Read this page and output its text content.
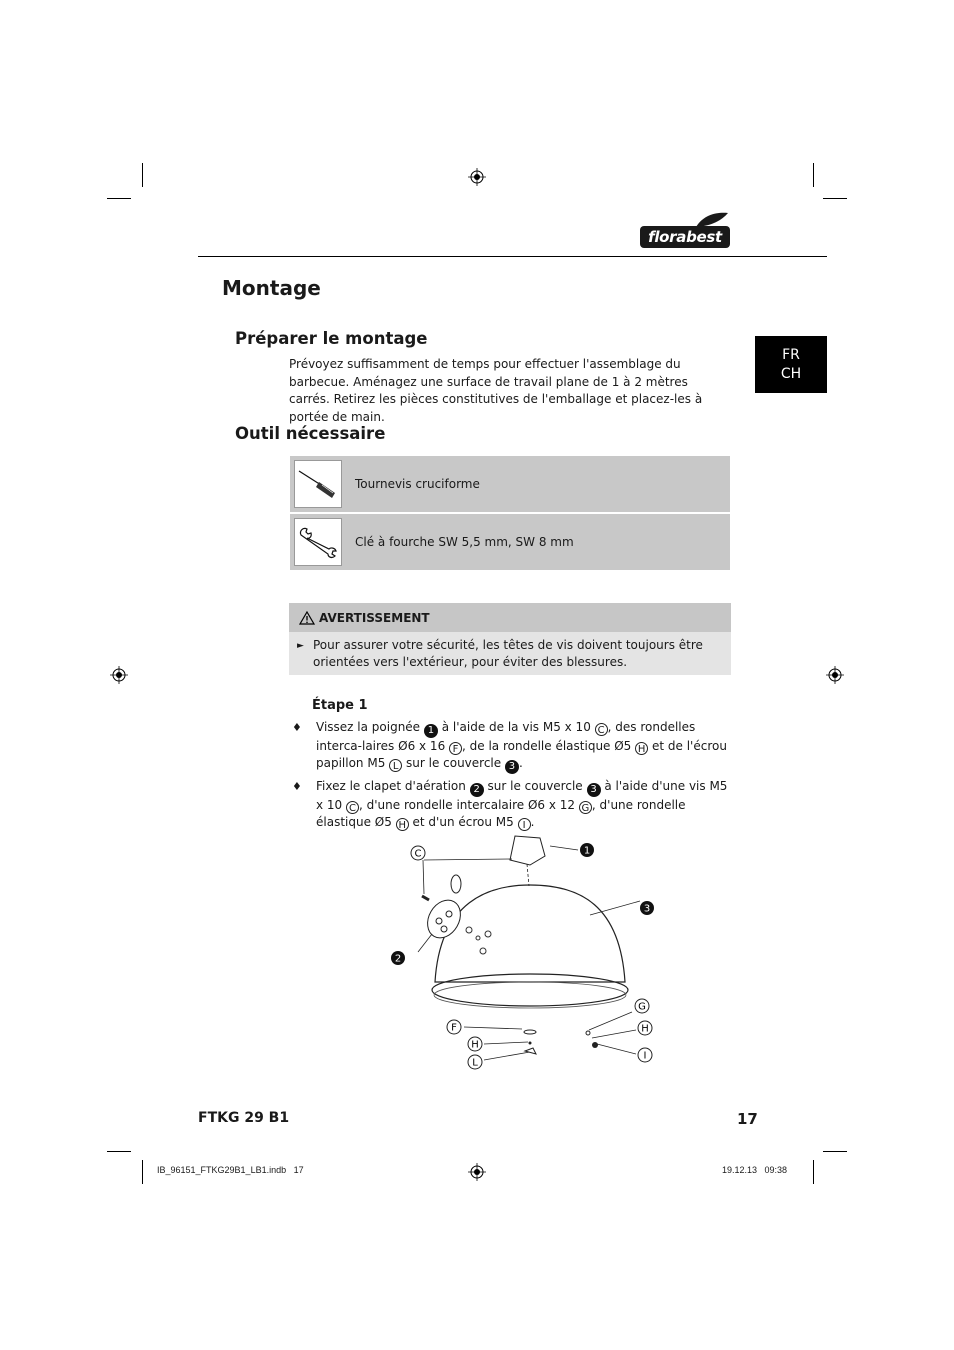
florabest
FR
CH
Montage
Préparer le montage
Prévoyez suffisamment de temps pour effectuer l'assemblage du barbecue. Aménagez une surface de travail plane de 1 à 2 mètres carrés. Retirez les pièces constitutives de l'emballage et placez-les à portée de main.
Outil nécessaire
Tournevis cruciforme
Clé à fourche SW 5,5 mm, SW 8 mm
AVERTISSEMENT
► Pour assurer votre sécurité, les têtes de vis doivent toujours être orientées vers l'extérieur, pour éviter des blessures.
Étape 1
♦ Vissez la poignée 1 à l'aide de la vis M5 x 10 C , des rondelles interca-laires Ø6 x 16 F , de la rondelle élastique Ø5 H et de l'écrou papillon M5 L sur le couvercle 3 .
♦ Fixez le clapet d'aération 2 sur le couvercle 3 à l'aide d'une vis M5 x 10 C , d'une rondelle intercalaire Ø6 x 12 G , d'une rondelle élastique Ø5 H et d'un écrou M5 I .
C	1
3
2
G
H
I
F
H
L
FTKG 29 B1	17
IB_96151_FTKG29B1_LB1.indb   17	19.12.13   09:38
